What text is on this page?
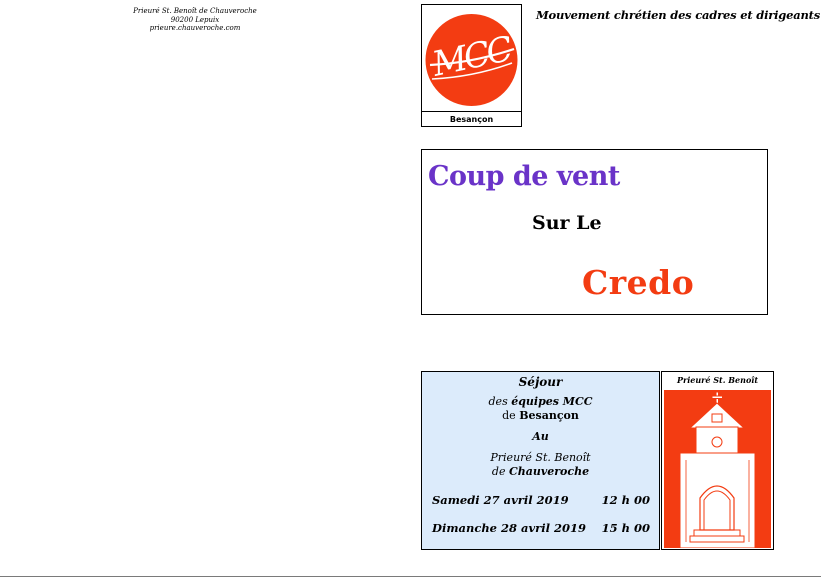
Prieuré St. Benoît de Chauveroche
90200 Lepuix
prieure.chauveroche.com
MCC
Besançon
Mouvement chrétien des cadres et dirigeants
Coup de vent
Sur Le
Credo
Séjour
des équipes MCC
de Besançon
Au
Prieuré St. Benoît
de Chauveroche
Samedi 27 avril 2019	12 h 00
Dimanche 28 avril 2019 15 h 00
Prieuré St. Benoît
